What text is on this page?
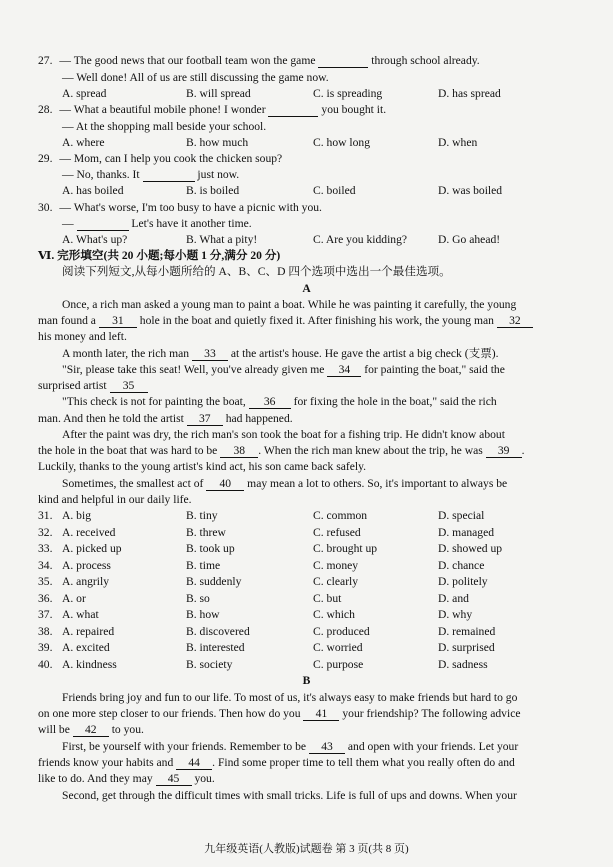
27. — The good news that our football team won the game	through school already.
— Well done! All of us are still discussing the game now.
A. spread	B. will spread	C. is spreading	D. has spread
28. — What a beautiful mobile phone! I wonder	you bought it.
— At the shopping mall beside your school.
A. where	B. how much	C. how long	D. when
29. — Mom, can I help you cook the chicken soup?
— No, thanks. It	just now.
A. has boiled	B. is boiled	C. boiled	D. was boiled
30. — What's worse, I'm too busy to have a picnic with you.
—	Let's have it another time.
A. What's up?	B. What a pity!	C. Are you kidding?	D. Go ahead!
Ⅵ. 完形填空(共 20 小题;每小题 1 分,满分 20 分)
阅读下列短文,从每小题所给的 A、B、C、D 四个选项中选出一个最佳选项。
A
Once, a rich man asked a young man to paint a boat. While he was painting it carefully, the young
man found a 31 hole in the boat and quietly fixed it. After finishing his work, the young man 32
his money and left.
A month later, the rich man 33 at the artist's house. He gave the artist a big check (支票).
"Sir, please take this seat! Well, you've already given me 34 for painting the boat," said the
surprised artist 35
"This check is not for painting the boat, 36 for fixing the hole in the boat," said the rich
man. And then he told the artist 37 had happened.
After the paint was dry, the rich man's son took the boat for a fishing trip. He didn't know about
the hole in the boat that was hard to be 38 . When the rich man knew about the trip, he was 39 .
Luckily, thanks to the young artist's kind act, his son came back safely.
Sometimes, the smallest act of 40 may mean a lot to others. So, it's important to always be
kind and helpful in our daily life.
31. A. big	B. tiny	C. common	D. special
32. A. received	B. threw	C. refused	D. managed
33. A. picked up	B. took up	C. brought up	D. showed up
34. A. process	B. time	C. money	D. chance
35. A. angrily	B. suddenly	C. clearly	D. politely
36. A. or	B. so	C. but	D. and
37. A. what	B. how	C. which	D. why
38. A. repaired	B. discovered	C. produced	D. remained
39. A. excited	B. interested	C. worried	D. surprised
40. A. kindness	B. society	C. purpose	D. sadness
B
Friends bring joy and fun to our life. To most of us, it's always easy to make friends but hard to go
on one more step closer to our friends. Then how do you 41 your friendship? The following advice
will be 42 to you.
First, be yourself with your friends. Remember to be 43 and open with your friends. Let your
friends know your habits and 44 . Find some proper time to tell them what you really often do and
like to do. And they may 45 you.
Second, get through the difficult times with small tricks. Life is full of ups and downs. When your
九年级英语(人教版)试题卷 第 3 页(共 8 页)
